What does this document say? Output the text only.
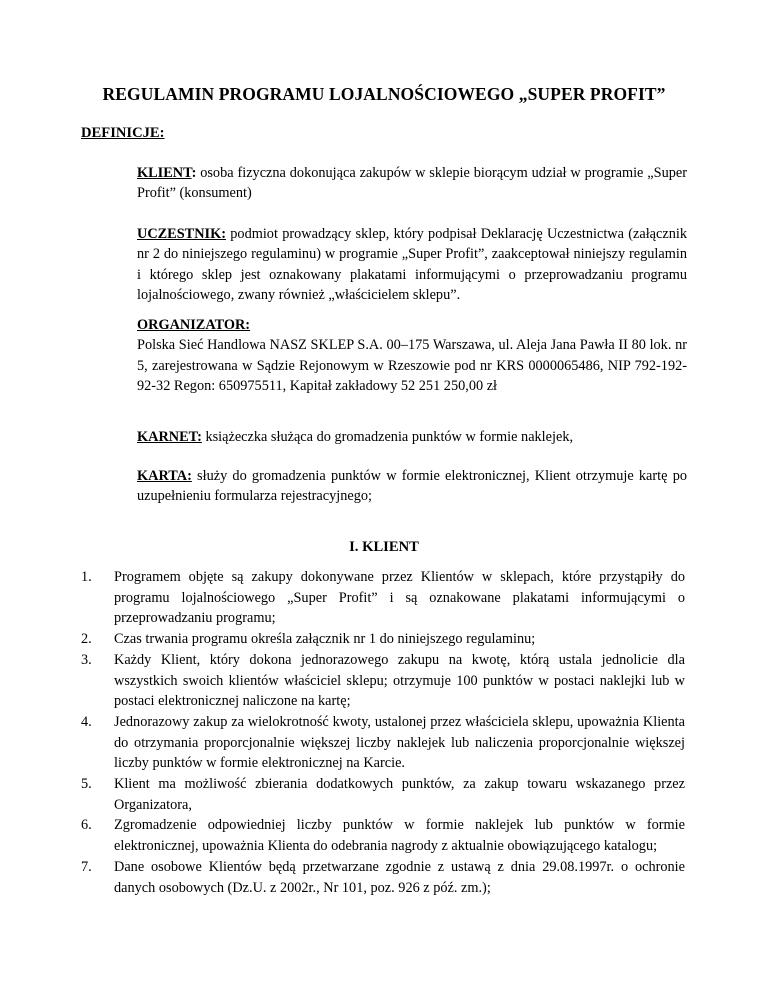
REGULAMIN PROGRAMU LOJALNOŚCIOWEGO „SUPER PROFIT”
DEFINICJE:
KLIENT: osoba fizyczna dokonująca zakupów w sklepie biorącym udział w programie „Super Profit” (konsument)
UCZESTNIK: podmiot prowadzący sklep, który podpisał Deklarację Uczestnictwa (załącznik nr 2 do niniejszego regulaminu) w programie „Super Profit”, zaakceptował niniejszy regulamin i którego sklep jest oznakowany plakatami informującymi o przeprowadzaniu programu lojalnościowego, zwany również „właścicielem sklepu”.
ORGANIZATOR:
Polska Sieć Handlowa NASZ SKLEP S.A. 00–175 Warszawa, ul. Aleja Jana Pawła II 80 lok. nr 5, zarejestrowana w Sądzie Rejonowym w Rzeszowie pod nr KRS 0000065486, NIP 792-192-92-32 Regon: 650975511, Kapitał zakładowy 52 251 250,00 zł
KARNET: książeczka służąca do gromadzenia punktów w formie naklejek,
KARTA: służy do gromadzenia punktów w formie elektronicznej, Klient otrzymuje kartę po uzupełnieniu formularza rejestracyjnego;
I. KLIENT
1. Programem objęte są zakupy dokonywane przez Klientów w sklepach, które przystąpiły do programu lojalnościowego „Super Profit” i są oznakowane plakatami informującymi o przeprowadzaniu programu;
2. Czas trwania programu określa załącznik nr 1 do niniejszego regulaminu;
3. Każdy Klient, który dokona jednorazowego zakupu na kwotę, którą ustala jednolicie dla wszystkich swoich klientów właściciel sklepu; otrzymuje 100 punktów w postaci naklejki lub w postaci elektronicznej naliczone na kartę;
4. Jednorazowy zakup za wielokrotność kwoty, ustalonej przez właściciela sklepu, upoważnia Klienta do otrzymania proporcjonalnie większej liczby naklejek lub naliczenia proporcjonalnie większej liczby punktów w formie elektronicznej na Karcie.
5. Klient ma możliwość zbierania dodatkowych punktów, za zakup towaru wskazanego przez Organizatora,
6. Zgromadzenie odpowiedniej liczby punktów w formie naklejek lub punktów w formie elektronicznej, upoważnia Klienta do odebrania nagrody z aktualnie obowiązującego katalogu;
7. Dane osobowe Klientów będą przetwarzane zgodnie z ustawą z dnia 29.08.1997r. o ochronie danych osobowych (Dz.U. z 2002r., Nr 101, poz. 926 z póź. zm.);
